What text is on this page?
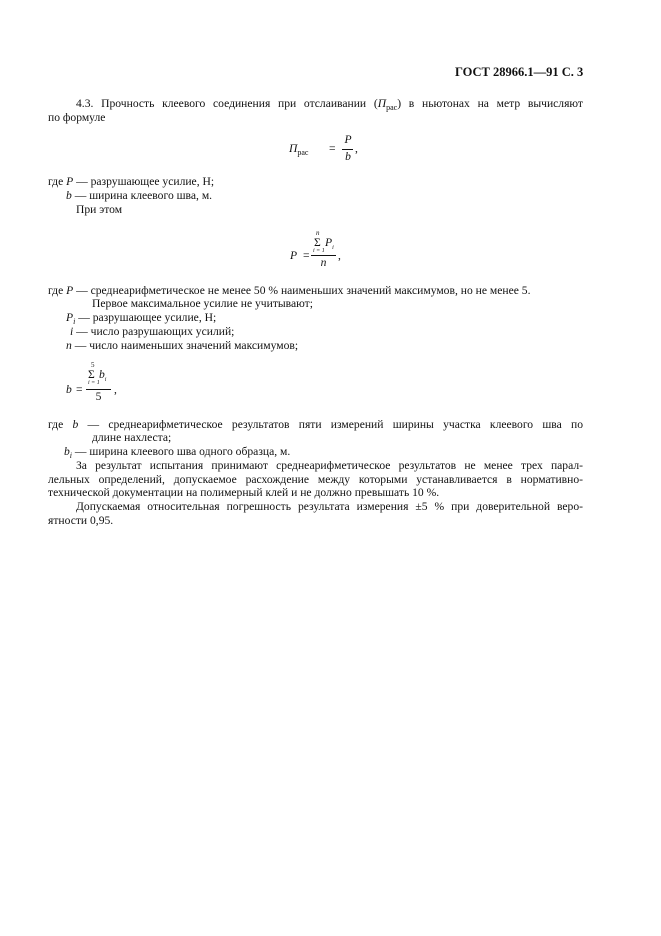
ГОСТ 28966.1—91 С. 3
4.3. Прочность клеевого соединения при отслаивании $(П_{рас})$ в ньютонах на метр вычисляют
по формуле
$П_{рас}$ =
P
b
,
где P — разрушающее усилие, Н;
b — ширина клеевого шва, м.
При этом
n
Σ $P_i$
i = 1
P =
n
,
где P — среднеарифметическое не менее 50 % наименьших значений максимумов, но не менее 5.
Первое максимальное усилие не учитывают;
$P_i$ — разрушающее усилие, Н;
i — число разрушающих усилий;
n — число наименьших значений максимумов;
5
Σ $b_i$
i = 1
b =
5
,
где b — среднеарифметическое результатов пяти измерений ширины участка клеевого шва по
длине нахлеста;
$b_i$ — ширина клеевого шва одного образца, м.
За результат испытания принимают среднеарифметическое результатов не менее трех парал-
лельных определений, допускаемое расхождение между которыми устанавливается в нормативно-
технической документации на полимерный клей и не должно превышать 10 %.
Допускаемая относительная погрешность результата измерения ±5 % при доверительной веро-
ятности 0,95.
